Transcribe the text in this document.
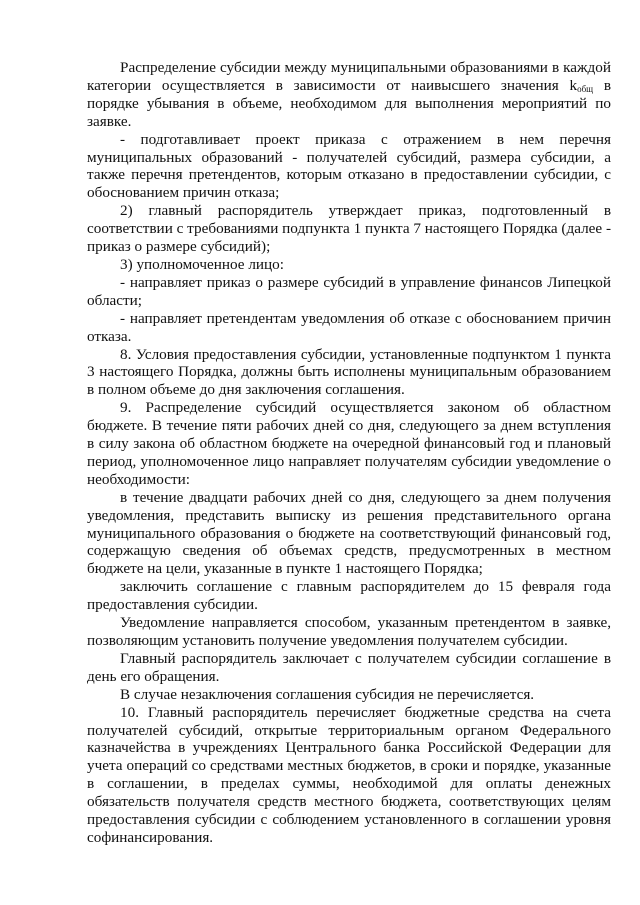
Распределение субсидии между муниципальными образованиями в каждой категории осуществляется в зависимости от наивысшего значения $k_{общ}$ в порядке убывания в объеме, необходимом для выполнения мероприятий по заявке.

- подготавливает проект приказа с отражением в нем перечня муниципальных образований - получателей субсидий, размера субсидии, а также перечня претендентов, которым отказано в предоставлении субсидии, с обоснованием причин отказа;

2) главный распорядитель утверждает приказ, подготовленный в соответствии с требованиями подпункта 1 пункта 7 настоящего Порядка (далее - приказ о размере субсидий);

3) уполномоченное лицо:

- направляет приказ о размере субсидий в управление финансов Липецкой области;

- направляет претендентам уведомления об отказе с обоснованием причин отказа.

8. Условия предоставления субсидии, установленные подпунктом 1 пункта 3 настоящего Порядка, должны быть исполнены муниципальным образованием в полном объеме до дня заключения соглашения.

9. Распределение субсидий осуществляется законом об областном бюджете. В течение пяти рабочих дней со дня, следующего за днем вступления в силу закона об областном бюджете на очередной финансовый год и плановый период, уполномоченное лицо направляет получателям субсидии уведомление о необходимости:

в течение двадцати рабочих дней со дня, следующего за днем получения уведомления, представить выписку из решения представительного органа муниципального образования о бюджете на соответствующий финансовый год, содержащую сведения об объемах средств, предусмотренных в местном бюджете на цели, указанные в пункте 1 настоящего Порядка;

заключить соглашение с главным распорядителем до 15 февраля года предоставления субсидии.

Уведомление направляется способом, указанным претендентом в заявке, позволяющим установить получение уведомления получателем субсидии.

Главный распорядитель заключает с получателем субсидии соглашение в день его обращения.

В случае незаключения соглашения субсидия не перечисляется.

10. Главный распорядитель перечисляет бюджетные средства на счета получателей субсидий, открытые территориальным органом Федерального казначейства в учреждениях Центрального банка Российской Федерации для учета операций со средствами местных бюджетов, в сроки и порядке, указанные в соглашении, в пределах суммы, необходимой для оплаты денежных обязательств получателя средств местного бюджета, соответствующих целям предоставления субсидии с соблюдением установленного в соглашении уровня софинансирования.
